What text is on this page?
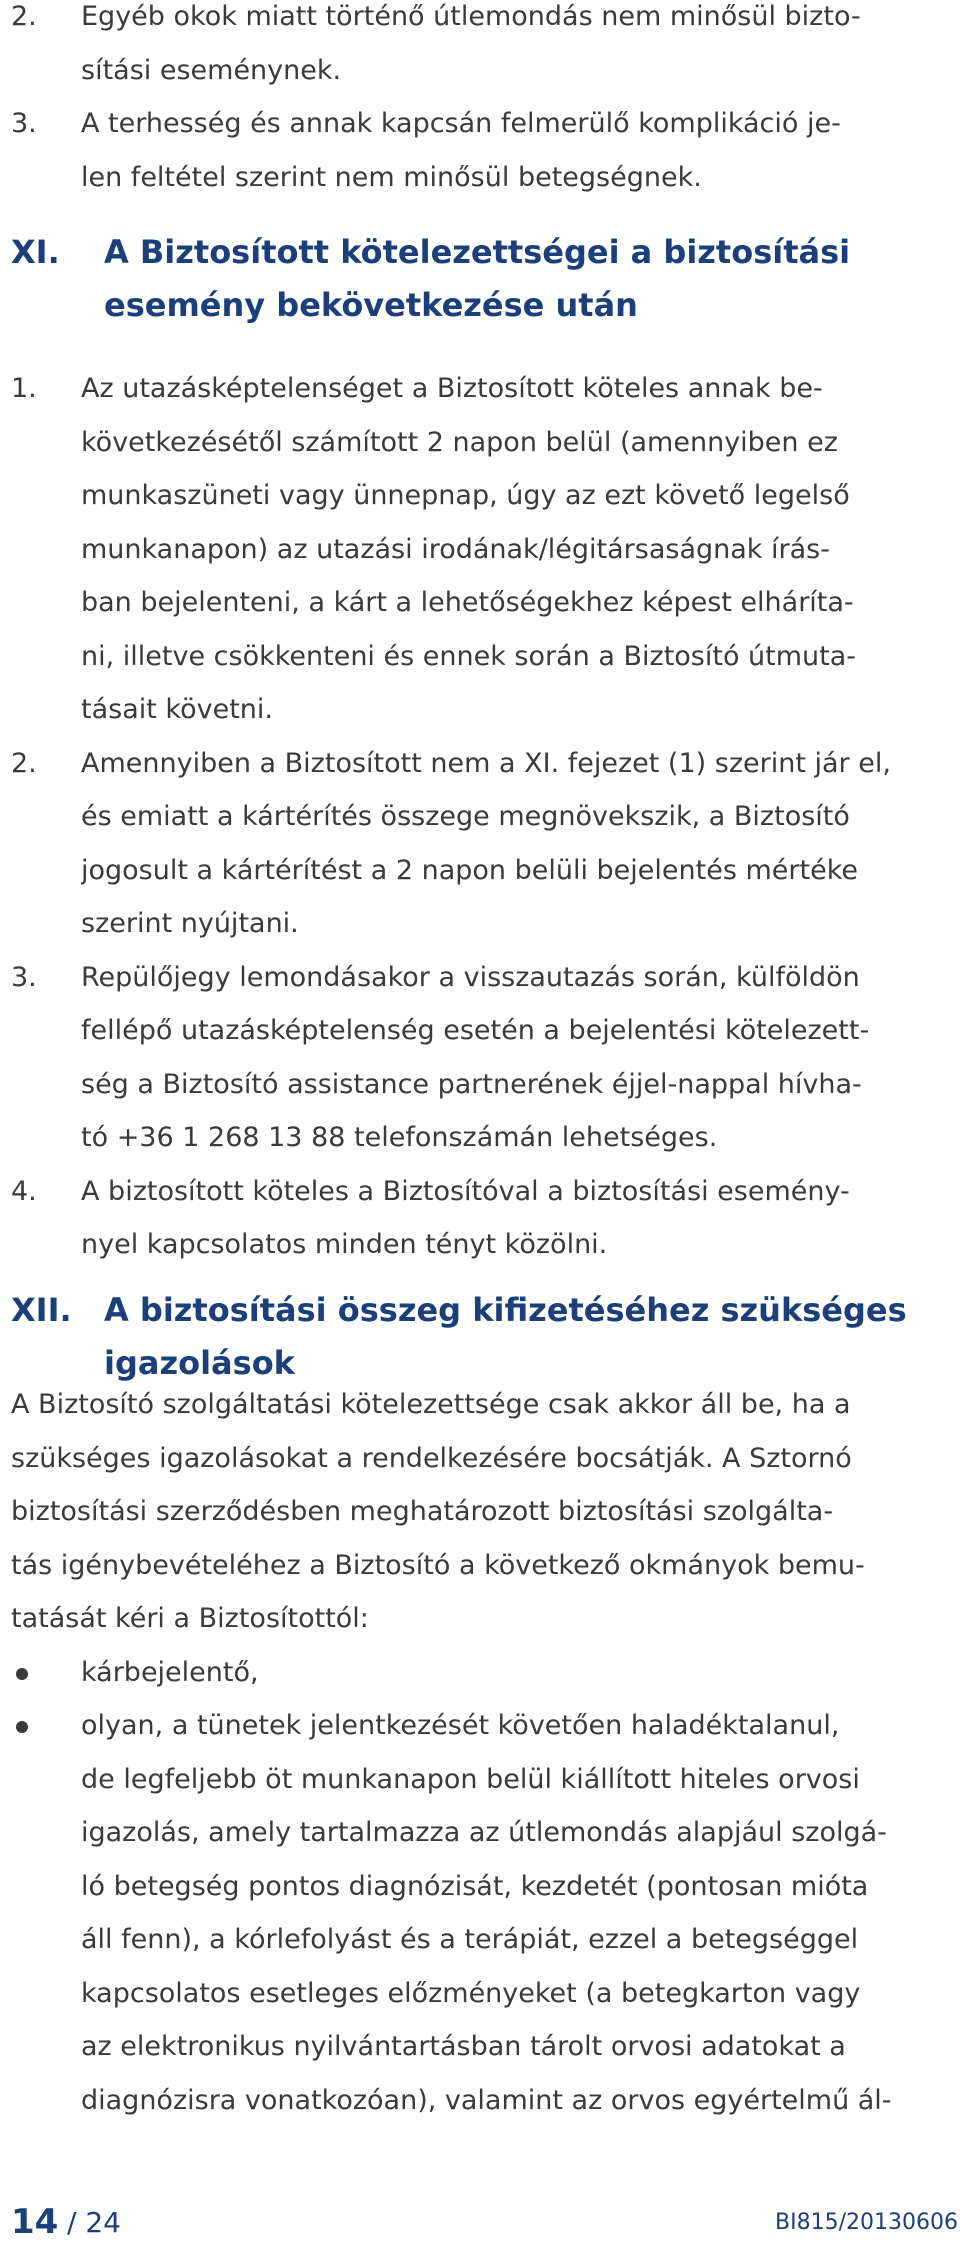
2. Egyéb okok miatt történő útlemondás nem minősül bizto-
sítási eseménynek.
3. A terhesség és annak kapcsán felmerülő komplikáció je-
len feltétel szerint nem minősül betegségnek.
XI. A Biztosított kötelezettségei a biztosítási
esemény bekövetkezése után
1. Az utazásképtelenséget a Biztosított köteles annak be-
következésétől számított 2 napon belül (amennyiben ez
munkaszüneti vagy ünnepnap, úgy az ezt követő legelső
munkanapon) az utazási irodának/légitársaságnak írás-
ban bejelenteni, a kárt a lehetőségekhez képest elháríta-
ni, illetve csökkenteni és ennek során a Biztosító útmuta-
tásait követni.
2. Amennyiben a Biztosított nem a XI. fejezet (1) szerint jár el,
és emiatt a kártérítés összege megnövekszik, a Biztosító
jogosult a kártérítést a 2 napon belüli bejelentés mértéke
szerint nyújtani.
3. Repülőjegy lemondásakor a visszautazás során, külföldön
fellépő utazásképtelenség esetén a bejelentési kötelezett-
ség a Biztosító assistance partnerének éjjel-nappal hívha-
tó +36 1 268 13 88 telefonszámán lehetséges.
4. A biztosított köteles a Biztosítóval a biztosítási esemény-
nyel kapcsolatos minden tényt közölni.
XII. A biztosítási összeg kifizetéséhez szükséges
igazolások
A Biztosító szolgáltatási kötelezettsége csak akkor áll be, ha a
szükséges igazolásokat a rendelkezésére bocsátják. A Sztornó
biztosítási szerződésben meghatározott biztosítási szolgálta-
tás igénybevételéhez a Biztosító a következő okmányok bemu-
tatását kéri a Biztosítottól:
kárbejelentő,
olyan, a tünetek jelentkezését követően haladéktalanul,
de legfeljebb öt munkanapon belül kiállított hiteles orvosi
igazolás, amely tartalmazza az útlemondás alapjául szolgá-
ló betegség pontos diagnózisát, kezdetét (pontosan mióta
áll fenn), a kórlefolyást és a terápiát, ezzel a betegséggel
kapcsolatos esetleges előzményeket (a betegkarton vagy
az elektronikus nyilvántartásban tárolt orvosi adatokat a
diagnózisra vonatkozóan), valamint az orvos egyértelmű ál-
14 / 24	BI815/20130606
